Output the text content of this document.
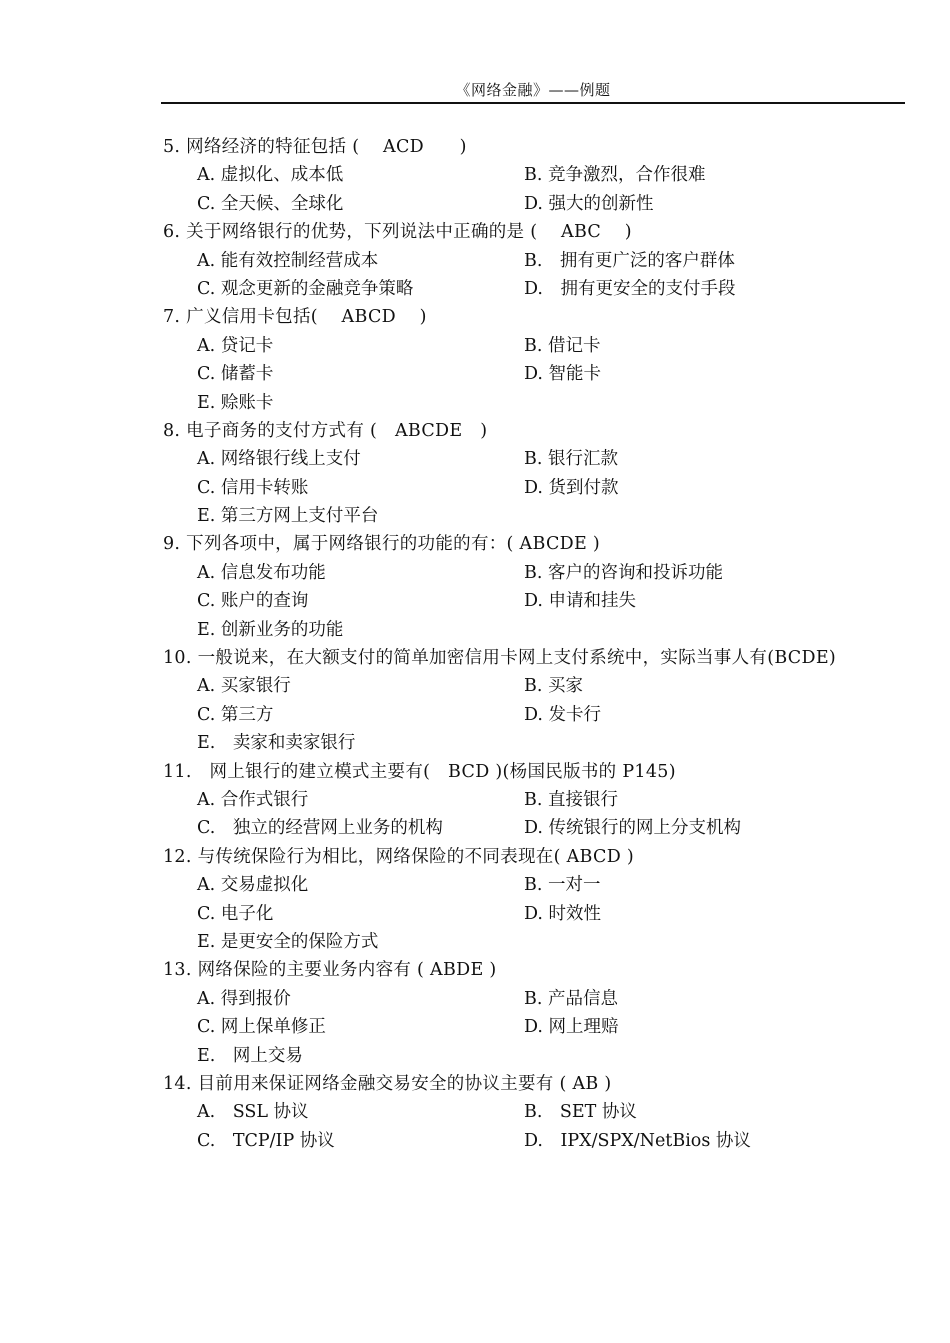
《网络金融》——例题
5. 网络经济的特征包括 (　 ACD　　)
A. 虚拟化、成本低	B. 竞争激烈，合作很难
C. 全天候、全球化	D. 强大的创新性
6. 关于网络银行的优势，下列说法中正确的是 (　 ABC　 )
A. 能有效控制经营成本	B.　拥有更广泛的客户群体
C. 观念更新的金融竞争策略	D.　拥有更安全的支付手段
7. 广义信用卡包括(　 ABCD　 )
A. 贷记卡	B. 借记卡
C. 储蓄卡	D. 智能卡
E. 赊账卡
8. 电子商务的支付方式有 (　ABCDE　)
A. 网络银行线上支付	B. 银行汇款
C. 信用卡转账	D. 货到付款
E. 第三方网上支付平台
9. 下列各项中，属于网络银行的功能的有：( ABCDE )
A. 信息发布功能	B. 客户的咨询和投诉功能
C. 账户的查询	D. 申请和挂失
E. 创新业务的功能
10. 一般说来，在大额支付的简单加密信用卡网上支付系统中，实际当事人有(BCDE)
A. 买家银行	B. 买家
C. 第三方	D. 发卡行
E.　卖家和卖家银行
11.　网上银行的建立模式主要有(　BCD )(杨国民版书的 P145)
A. 合作式银行	B. 直接银行
C.　独立的经营网上业务的机构	D. 传统银行的网上分支机构
12. 与传统保险行为相比，网络保险的不同表现在( ABCD )
A. 交易虚拟化	B. 一对一
C. 电子化	D. 时效性
E. 是更安全的保险方式
13. 网络保险的主要业务内容有 ( ABDE )
A. 得到报价	B. 产品信息
C. 网上保单修正	D. 网上理赔
E.　网上交易
14. 目前用来保证网络金融交易安全的协议主要有 ( AB )
A.　SSL 协议	B.　SET 协议
C.　TCP/IP 协议	D.　IPX/SPX/NetBios 协议
